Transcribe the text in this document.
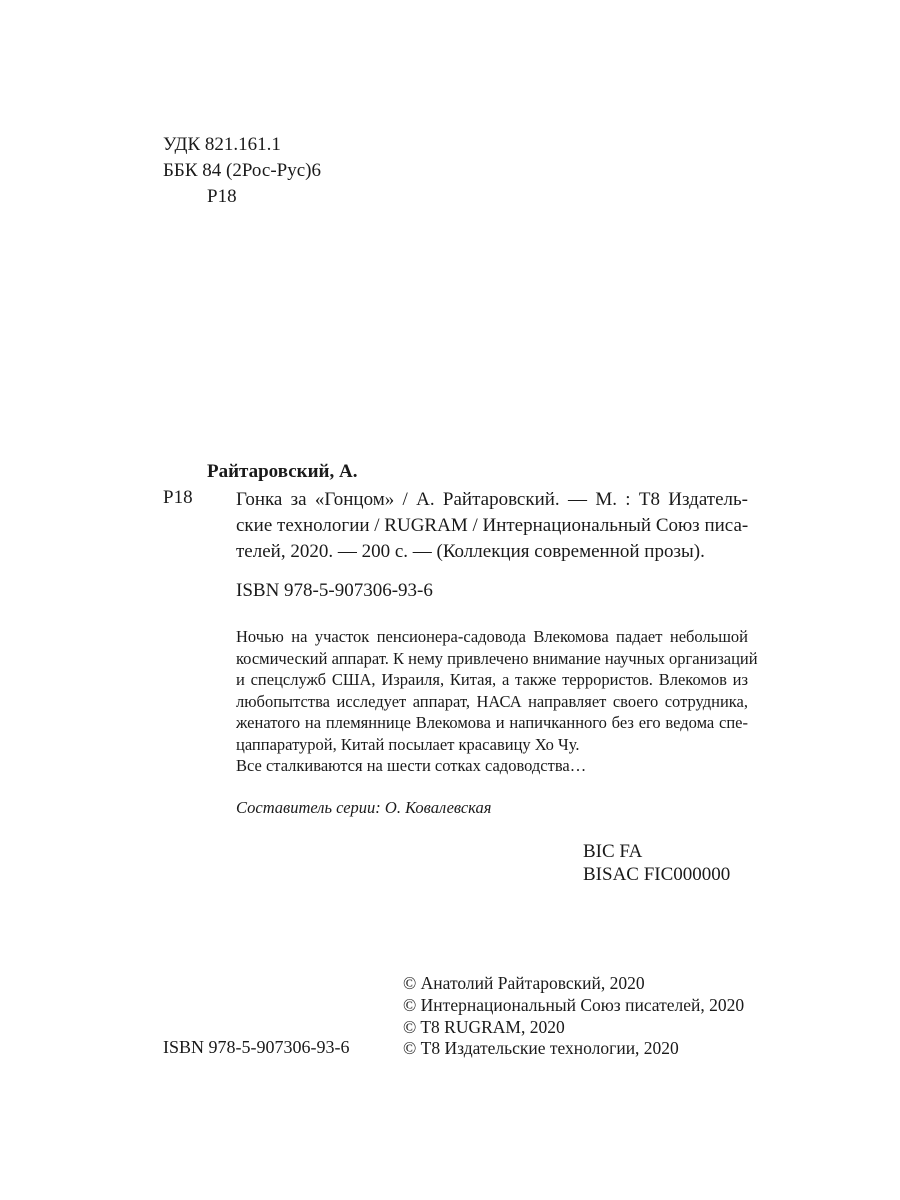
УДК 821.161.1
ББК 84 (2Рос-Рус)6
Р18
Райтаровский, А.
Р18 Гонка за «Гонцом» / А. Райтаровский. — М. : Т8 Издатель-
ские технологии / RUGRAM / Интернациональный Союз писа-
телей, 2020. — 200 с. — (Коллекция современной прозы).
ISBN 978-5-907306-93-6
Ночью на участок пенсионера-садовода Влекомова падает небольшой
космический аппарат. К нему привлечено внимание научных организаций
и спецслужб США, Израиля, Китая, а также террористов. Влекомов из
любопытства исследует аппарат, НАСА направляет своего сотрудника,
женатого на племяннице Влекомова и напичканного без его ведома спе-
цаппаратурой, Китай посылает красавицу Хо Чу.
Все сталкиваются на шести сотках садоводства…
Составитель серии: О. Ковалевская
BIC FA
BISAC FIC000000
© Анатолий Райтаровский, 2020
© Интернациональный Союз писателей, 2020
© T8 RUGRAM, 2020
© Т8 Издательские технологии, 2020
ISBN 978-5-907306-93-6
